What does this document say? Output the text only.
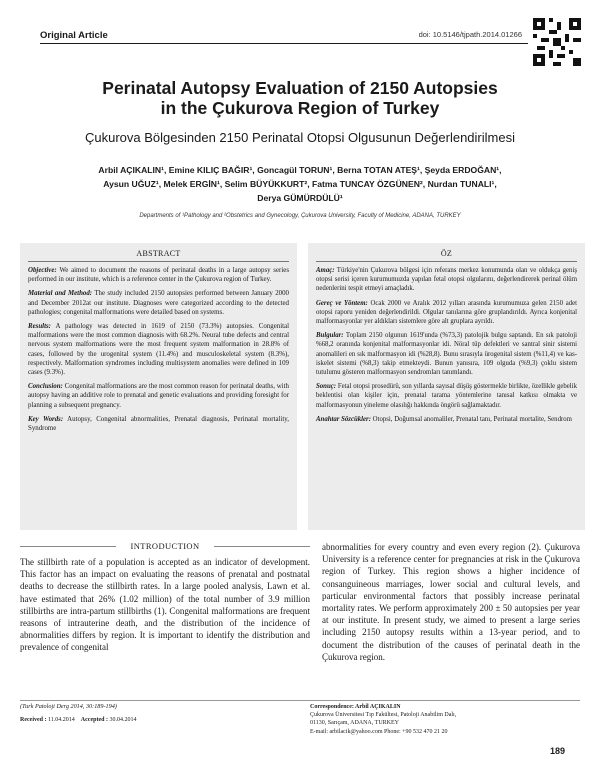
Original Article	doi: 10.5146/tjpath.2014.01266
Perinatal Autopsy Evaluation of 2150 Autopsies
in the Çukurova Region of Turkey
Çukurova Bölgesinden 2150 Perinatal Otopsi Olgusunun Değerlendirilmesi
Arbil AÇIKALIN¹, Emine KILIÇ BAĞIR¹, Goncagül TORUN¹, Berna TOTAN ATEŞ¹, Şeyda ERDOĞAN¹,
Aysun UĞUZ¹, Melek ERGİN¹, Selim BÜYÜKKURT², Fatma TUNCAY ÖZGÜNEN², Nurdan TUNALI¹,
Derya GÜMÜRDÜLÜ¹
Departments of ¹Pathology and ²Obstetrics and Gynecology, Çukurova University, Faculty of Medicine, ADANA, TURKEY
ABSTRACT

Objective: We aimed to document the reasons of perinatal deaths in a large autopsy series performed in our institute, which is a reference center in the Çukurova region of Turkey.

Material and Method: The study included 2150 autopsies performed between January 2000 and December 2012at our institute. Diagnoses were categorized according to the detected pathologies; congenital malformations were detailed based on systems.

Results: A pathology was detected in 1619 of 2150 (73.3%) autopsies. Congenital malformations were the most common diagnosis with 68.2%. Neural tube defects and central nervous system malformations were the most frequent system malformation in 28.8% of cases, followed by the urogenital system (11.4%) and musculoskeletal system (8.3%), respectively. Malformation syndromes including multisystem anomalies were defined in 109 cases (9.3%).

Conclusion: Congenital malformations are the most common reason for perinatal deaths, with autopsy having an additive role to prenatal and genetic evaluations and providing foresight for planning a subsequent pregnancy.

Key Words: Autopsy, Congenital abnormalities, Prenatal diagnosis, Perinatal mortality, Syndrome

ÖZ

Amaç: Türkiye'nin Çukurova bölgesi için referans merkez konumunda olan ve oldukça geniş otopsi serisi içeren kurumumuzda yapılan fetal otopsi olgularını, değerlendirerek perinal ölüm nedenlerini tespit etmeyi amaçladık.

Gereç ve Yöntem: Ocak 2000 ve Aralık 2012 yılları arasında kurumumuza gelen 2150 adet otopsi raporu yeniden değerlendirildi. Olgular tanılarına göre gruplandırıldı. Ayrıca konjenital malformasyonlar yer aldıkları sistemlere göre alt gruplara ayrıldı.

Bulgular: Toplam 2150 olgunun 1619'unda (%73,3) patolojik bulgu saptandı. En sık patoloji %68,2 oranında konjenital malformasyonlar idi. Nöral tüp defektleri ve santral sinir sistemi anomalileri en sık malformasyon idi (%28,8). Bunu sırasıyla ürogenital sistem (%11,4) ve kas-iskelet sistemi (%8,3) takip etmekteydi. Bunun yanısıra, 109 olguda (%9,3) çoklu sistem tutulumu gösteren malformasyon sendromları tanımlandı.

Sonuç: Fetal otopsi prosedürü, son yıllarda sayısal düşüş göstermekle birlikte, özellikle gebelik beklentisi olan kişiler için, prenatal tarama yöntemlerine tanısal katkısı olmakta ve malformasyonun yineleme olasılığı hakkında öngörü sağlamaktadır.

Anahtar Sözcükler: Otopsi, Doğumsal anomaliler, Prenatal tanı, Perinatal mortalite, Sendrom

INTRODUCTION

The stillbirth rate of a population is accepted as an indicator of development. This factor has an impact on evaluating the reasons of prenatal and postnatal deaths to decrease the stillbirth rates. In a large pooled analysis, Lawn et al. have estimated that 26% (1.02 million) of the total number of 3.9 million stillbirths are intra-partum stillbirths (1). Congenital malformations are frequent reasons of intrauterine death, and the distribution of the incidence of abnormalities differs by region. It is important to identify the distribution and prevalence of congenital

abnormalities for every country and even every region (2). Çukurova University is a reference center for pregnancies at risk in the Çukurova region of Turkey. This region shows a higher incidence of consanguineous marriages, lower social and cultural levels, and particular environmental factors that possibly increase perinatal mortality rates. We perform approximately 200 ± 50 autopsies per year at our institute. In present study, we aimed to present a large series including 2150 autopsy results within a 13-year period, and to document the distribution of the causes of perinatal death in the Çukurova region.

(Turk Patoloji Derg 2014, 30:189-194)
Received : 11.04.2014 Accepted : 30.04.2014
Correspondence: Arbil AÇIKALIN
Çukurova Üniversitesi Tıp Fakültesi, Patoloji Anabilim Dalı,
01130, Sarıçam, ADANA, TURKEY
E-mail: arbilacik@yahoo.com Phone: +90 532 470 21 20
189
